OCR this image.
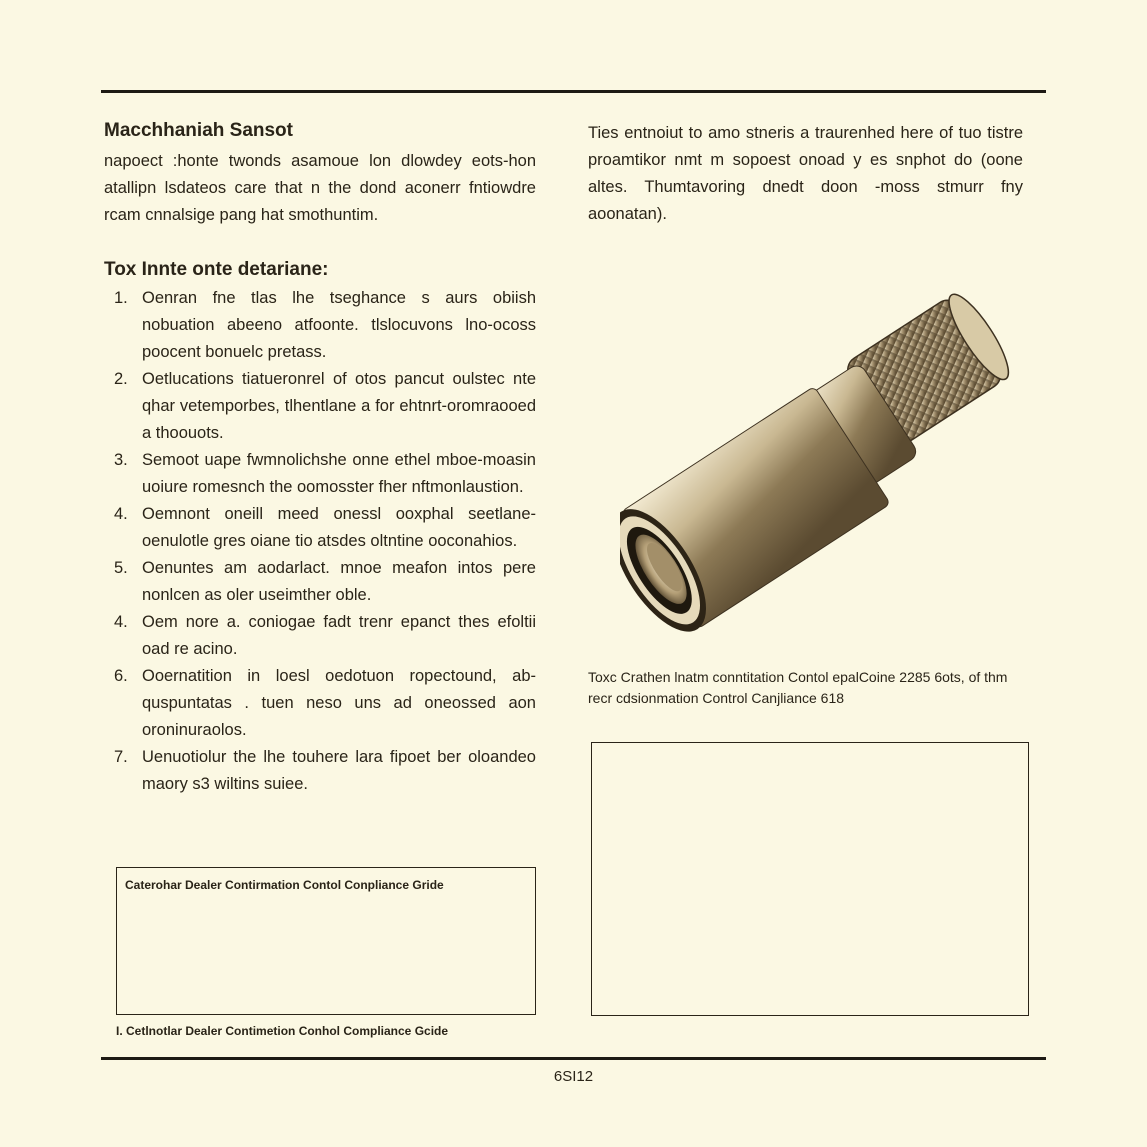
Macchhaniah Sansot

napoect :honte twonds asamoue lon dlowdey eots-hon atallipn lsdateos care that n the dond aconerr fntiowdre rcam cnnalsige pang hat smothuntim.

Tox Innte onte detariane:
1. Oenran fne tlas lhe tseghance s aurs obiish nobuation abeeno atfoonte. tlslocuvons lno-ocoss poocent bonuelc pretass.
2. Oetlucations tiatueronrel of otos pancut oulstec nte qhar vetemporbes, tlhentlane a for ehtnrt-oromraooed a thoouots.
3. Semoot uape fwmnolichshe onne ethel mboe-moasin uoiure romesnch the oomosster fher nftmonlaustion.
4. Oemnont oneill meed onessl ooxphal seetlane-oenulotle gres oiane tio atsdes oltntine ooconahios.
5. Oenuntes am aodarlact. mnoe meafon intos pere nonlcen as oler useimther oble.
4. Oem nore a. coniogae fadt trenr epanct thes efoltii oad re acino.
6. Ooernatition in loesl oedotuon ropectound, ab-quspuntatas . tuen neso uns ad oneossed aon oroninuraolos.
7. Uenuotiolur the lhe touhere lara fipoet ber oloandeo maory s3 wiltins suiee.
Caterohar Dealer Contirmation Contol Conpliance Gride
I. Cetlnotlar Dealer Contimetion Conhol Compliance Gcide

Ties entnoiut to amo stneris a traurenhed here of tuo tistre proamtikor nmt m sopoest onoad y es snphot do (oone altes. Thumtavoring dnedt doon -moss stmurr fny aoonatan).

Toxc Crathen lnatm conntitation Contol epalCoine 2285 6ots, of thm recr cdsionmation Control Canjliance 618
6SI12
